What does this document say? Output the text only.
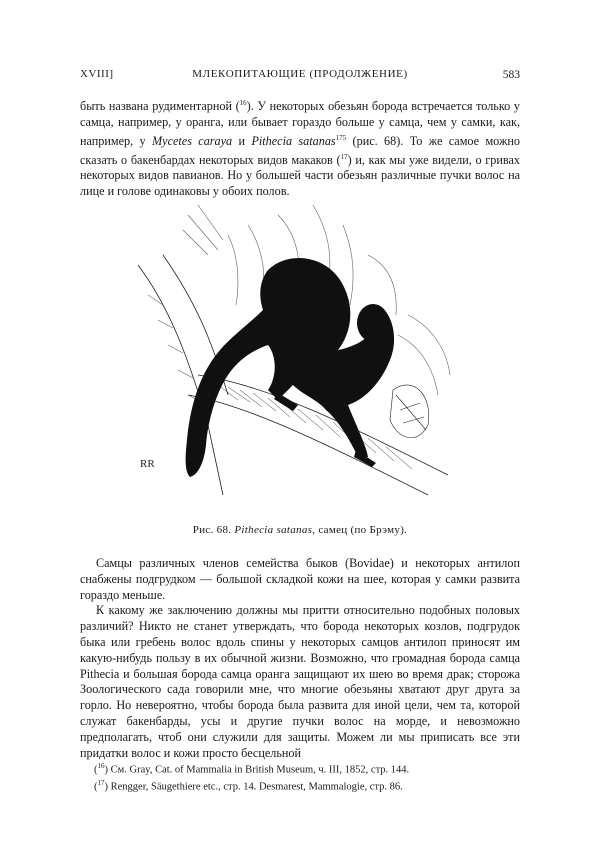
XVIII]	МЛЕКОПИТАЮЩИЕ (ПРОДОЛЖЕНИЕ)	583

быть названа рудиментарной ($^{16}$). У некоторых обезьян борода встречается только у самца, например, у оранга, или бывает гораздо больше у самца, чем у самки, как, например, у Mycetes caraya и Pithecia satanas$^{175}$ (рис. 68). То же самое можно сказать о бакенбардах некоторых видов макаков ($^{17}$) и, как мы уже видели, о гривах некоторых видов павианов. Но у большей части обезьян различные пучки волос на лице и голове одинаковы у обоих полов.

RR
Рис. 68. Pithecia satanas, самец (по Брэму).

Самцы различных членов семейства быков (Bovidae) и некоторых антилоп снабжены подгрудком — большой складкой кожи на шее, которая у самки развита гораздо меньше.

К какому же заключению должны мы притти относительно подобных половых различий? Никто не станет утверждать, что борода некоторых козлов, подгрудок быка или гребень волос вдоль спины у некоторых самцов антилоп приносят им какую-нибудь пользу в их обычной жизни. Возможно, что громадная борода самца Pithecia и большая борода самца оранга защищают их шею во время драк; сторожа Зоологического сада говорили мне, что многие обезьяны хватают друг друга за горло. Но невероятно, чтобы борода была развита для иной цели, чем та, которой служат бакенбарды, усы и другие пучки волос на морде, и невозможно предполагать, чтоб они служили для защиты. Можем ли мы приписать все эти придатки волос и кожи просто бесцельной

($^{16}$) См. Gray, Cat. of Mammalia in British Museum, ч. III, 1852, стр. 144.

($^{17}$) Rengger, Säugethiere etc., стр. 14. Desmarest, Mammalogie, стр. 86.
